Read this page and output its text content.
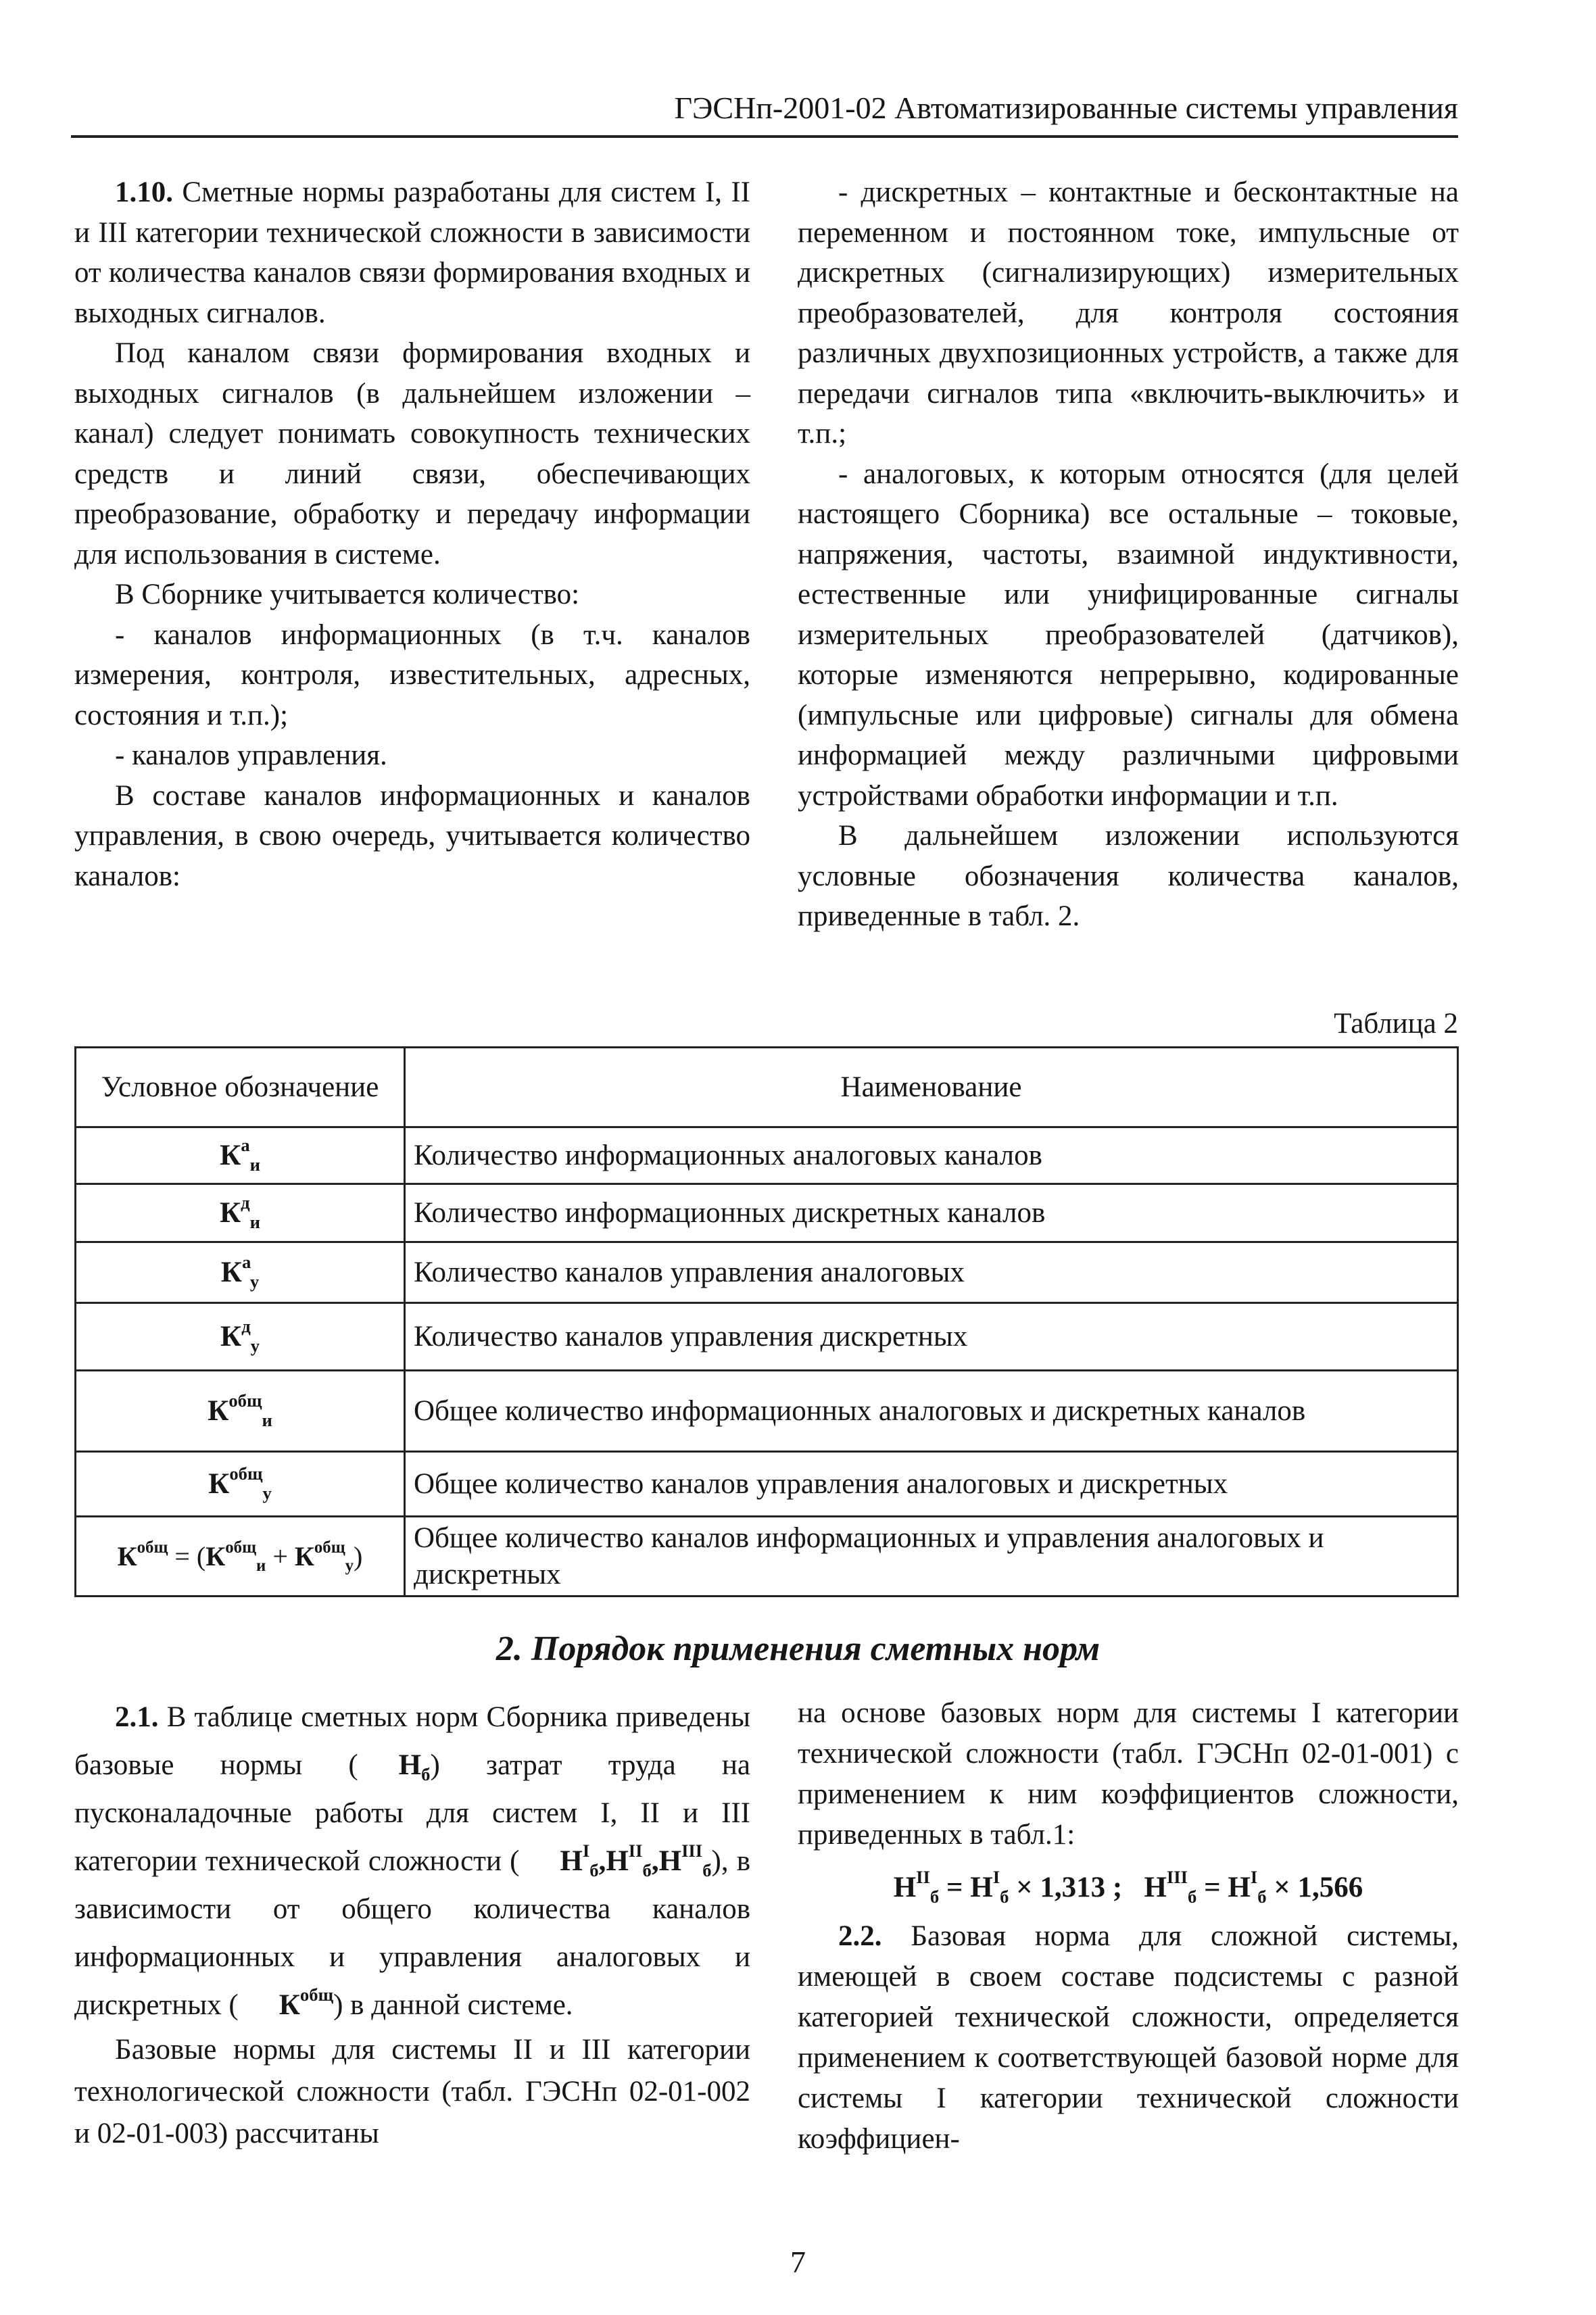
ГЭСНп-2001-02 Автоматизированные системы управления

1.10. Сметные нормы разработаны для систем I, II и III категории технической сложности в зависимости от количества каналов связи формирования входных и выходных сигналов.

Под каналом связи формирования входных и выходных сигналов (в дальнейшем изложении – канал) следует понимать совокупность технических средств и линий связи, обеспечивающих преобразование, обработку и передачу информации для использования в системе.

В Сборнике учитывается количество:

- каналов информационных (в т.ч. каналов измерения, контроля, известительных, адресных, состояния и т.п.);

- каналов управления.

В составе каналов информационных и каналов управления, в свою очередь, учитывается количество каналов:

- дискретных – контактные и бесконтактные на переменном и постоянном токе, импульсные от дискретных (сигнализирующих) измерительных преобразователей, для контроля состояния различных двухпозиционных устройств, а также для передачи сигналов типа «включить-выключить» и т.п.;

- аналоговых, к которым относятся (для целей настоящего Сборника) все остальные – токовые, напряжения, частоты, взаимной индуктивности, естественные или унифицированные сигналы измерительных преобразователей (датчиков), которые изменяются непрерывно, кодированные (импульсные или цифровые) сигналы для обмена информацией между различными цифровыми устройствами обработки информации и т.п.

В дальнейшем изложении используются условные обозначения количества каналов, приведенные в табл. 2.

Таблица 2
Условное обозначение	Наименование
$К^а_и$	Количество информационных аналоговых каналов
$К^д_и$	Количество информационных дискретных каналов
$К^а_у$	Количество каналов управления аналоговых
$К^д_у$	Количество каналов управления дискретных
$К^{общ}_и$	Общее количество информационных аналоговых и дискретных каналов
$К^{общ}_у$	Общее количество каналов управления аналоговых и дискретных
$К^{общ} = (К^{общ}_и + К^{общ}_у)$	Общее количество каналов информационных и управления аналоговых и дискретных
2. Порядок применения сметных норм

2.1. В таблице сметных норм Сборника приведены базовые нормы ( $Н_б$) затрат труда на пусконаладочные работы для систем I, II и III категории технической сложности ( $Н^I_б,Н^{II}_б,Н^{III}_б$), в зависимости от общего количества каналов информационных и управления аналоговых и дискретных ( $К^{общ}$) в данной системе.

Базовые нормы для системы II и III категории технологической сложности (табл. ГЭСНп 02-01-002 и 02-01-003) рассчитаны

на основе базовых норм для системы I категории технической сложности (табл. ГЭСНп 02-01-001) с применением к ним коэффициентов сложности, приведенных в табл.1:

$Н^{II}_б = Н^I_б \times 1,313$ ; $Н^{III}_б = Н^I_б \times 1,566$

2.2. Базовая норма для сложной системы, имеющей в своем составе подсистемы с разной категорией технической сложности, определяется применением к соответствующей базовой норме для системы I категории технической сложности коэффициен-

7
